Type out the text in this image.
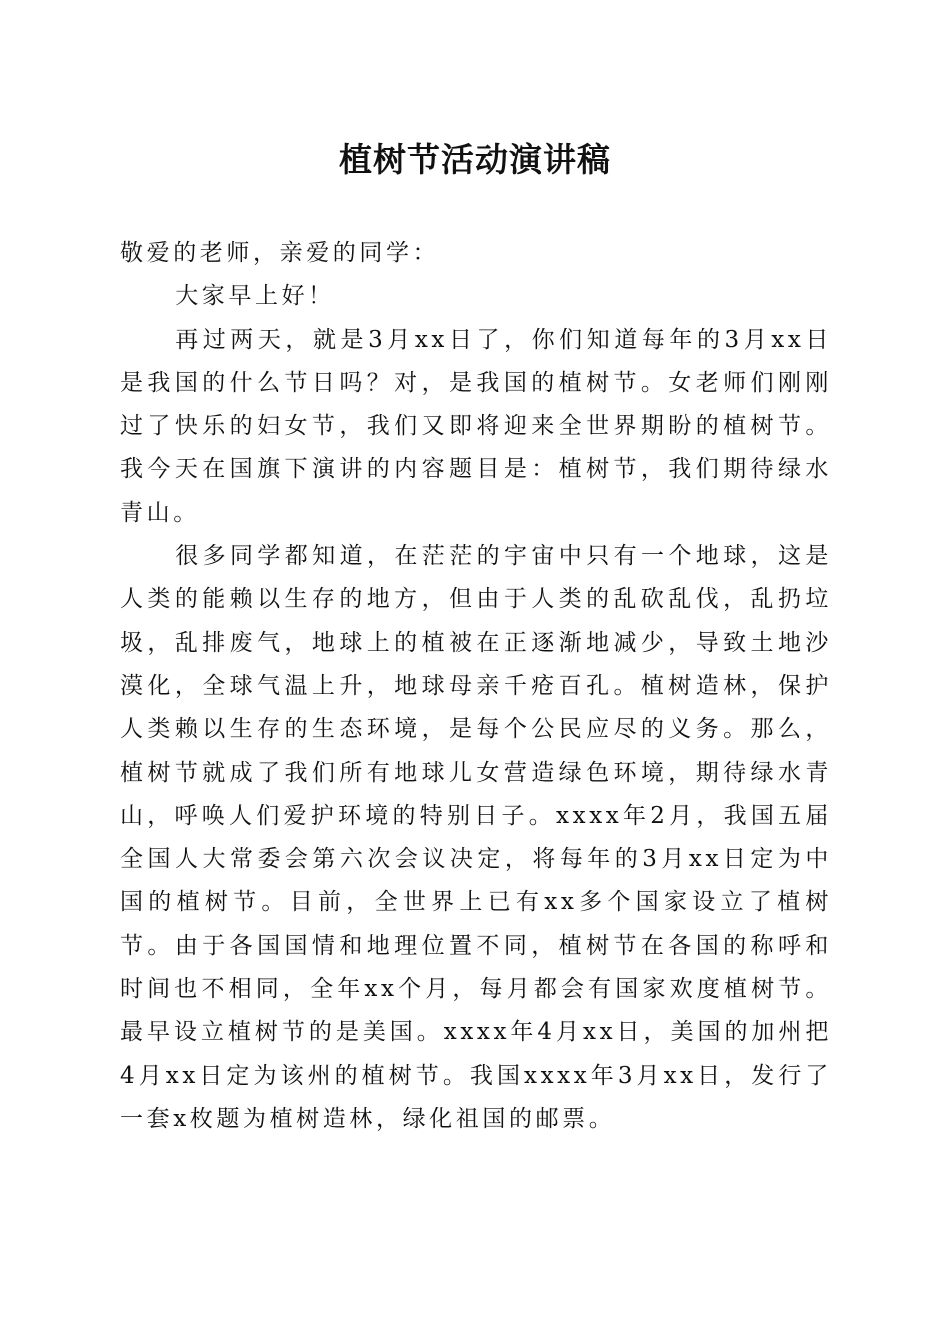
植树节活动演讲稿

敬爱的老师，亲爱的同学：

大家早上好！

再过两天，就是3月xx日了，你们知道每年的3月xx日是我国的什么节日吗？对，是我国的植树节。女老师们刚刚过了快乐的妇女节，我们又即将迎来全世界期盼的植树节。我今天在国旗下演讲的内容题目是：植树节，我们期待绿水青山。

很多同学都知道，在茫茫的宇宙中只有一个地球，这是人类的能赖以生存的地方，但由于人类的乱砍乱伐，乱扔垃圾，乱排废气，地球上的植被在正逐渐地减少，导致土地沙漠化，全球气温上升，地球母亲千疮百孔。植树造林，保护人类赖以生存的生态环境，是每个公民应尽的义务。那么，植树节就成了我们所有地球儿女营造绿色环境，期待绿水青山，呼唤人们爱护环境的特别日子。xxxx年2月，我国五届全国人大常委会第六次会议决定，将每年的3月xx日定为中国的植树节。目前，全世界上已有xx多个国家设立了植树节。由于各国国情和地理位置不同，植树节在各国的称呼和时间也不相同，全年xx个月，每月都会有国家欢度植树节。最早设立植树节的是美国。xxxx年4月xx日，美国的加州把4月xx日定为该州的植树节。我国xxxx年3月xx日，发行了一套x枚题为植树造林，绿化祖国的邮票。
